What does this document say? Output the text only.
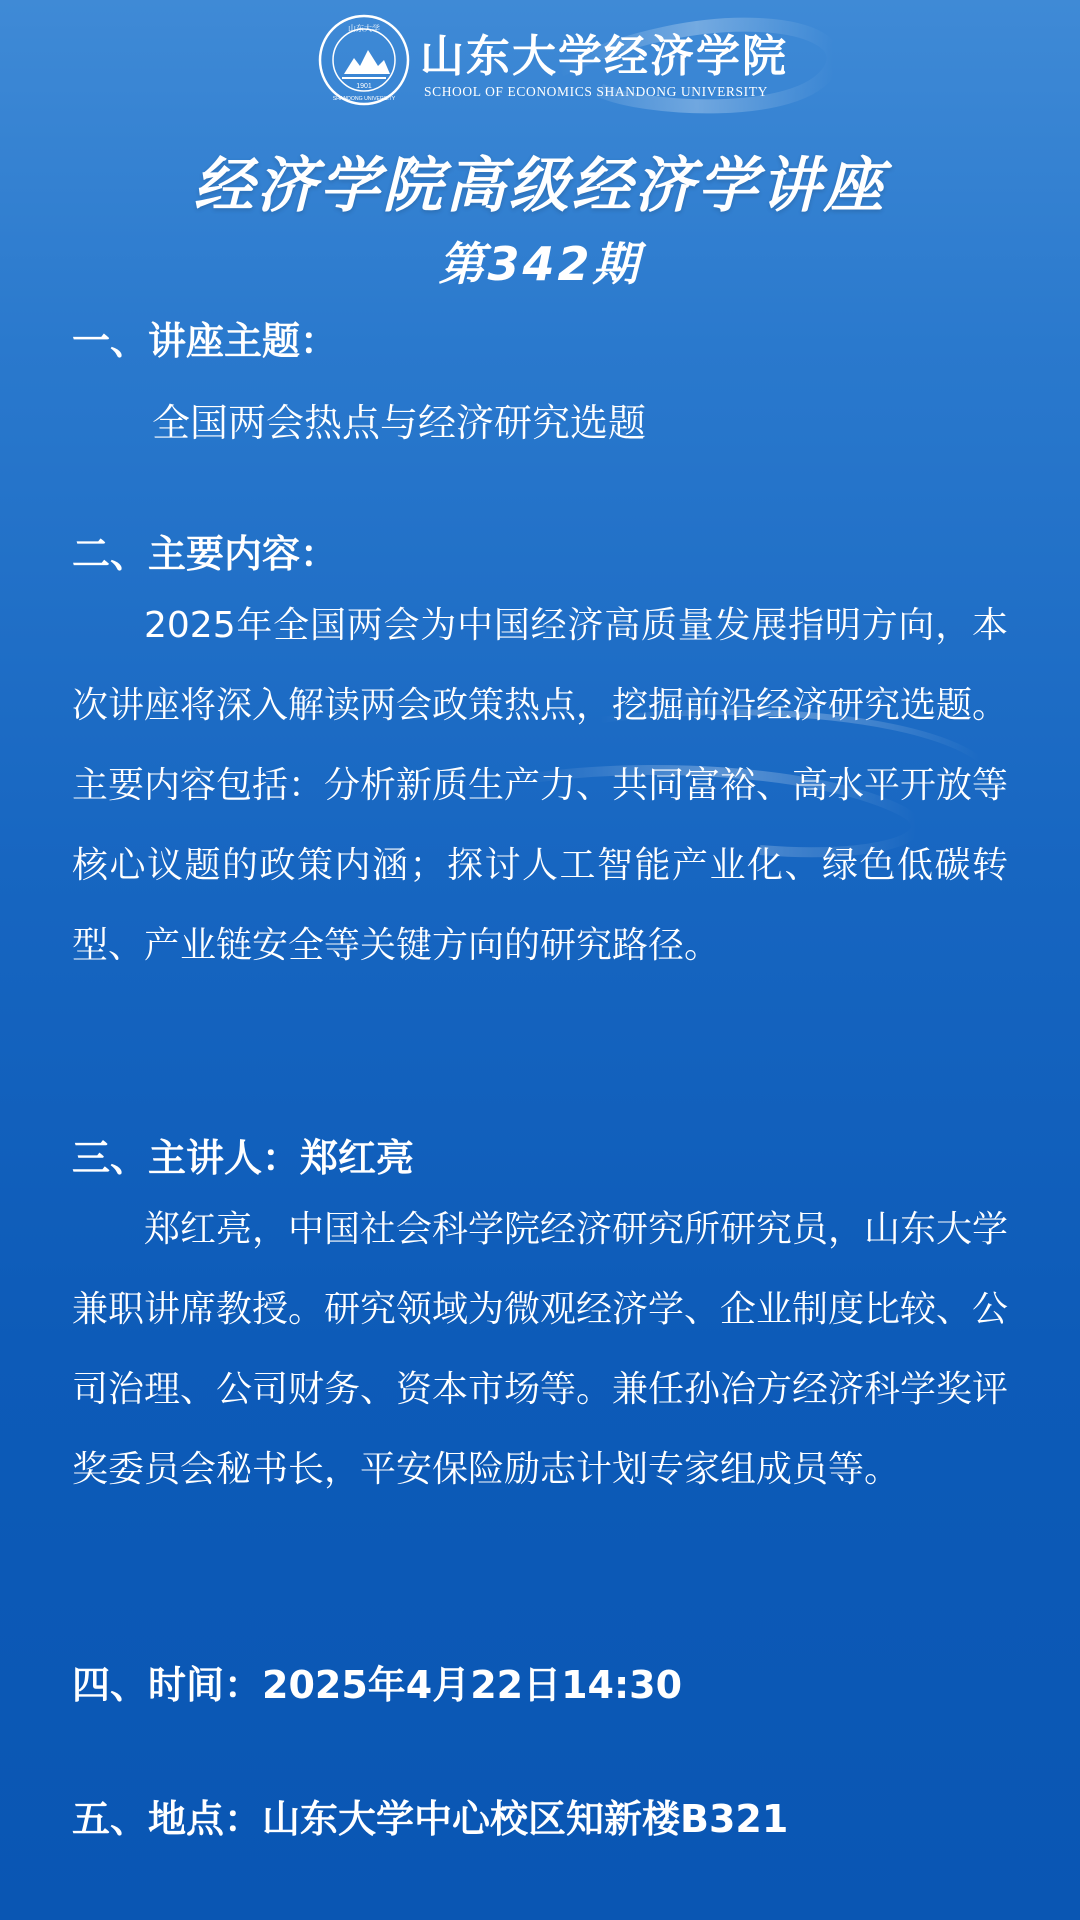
1901
山东大学
SHANDONG UNIVERSITY
山东大学经济学院
SCHOOL OF ECONOMICS SHANDONG UNIVERSITY
经济学院高级经济学讲座
第342期
一、讲座主题：
全国两会热点与经济研究选题
二、主要内容：
2025年全国两会为中国经济高质量发展指明方向，本次讲座将深入解读两会政策热点，挖掘前沿经济研究选题。主要内容包括：分析新质生产力、共同富裕、高水平开放等核心议题的政策内涵；探讨人工智能产业化、绿色低碳转型、产业链安全等关键方向的研究路径。
三、主讲人：郑红亮
郑红亮，中国社会科学院经济研究所研究员，山东大学兼职讲席教授。研究领域为微观经济学、企业制度比较、公司治理、公司财务、资本市场等。兼任孙冶方经济科学奖评奖委员会秘书长，平安保险励志计划专家组成员等。
四、时间：2025年4月22日14:30
五、地点：山东大学中心校区知新楼B321
